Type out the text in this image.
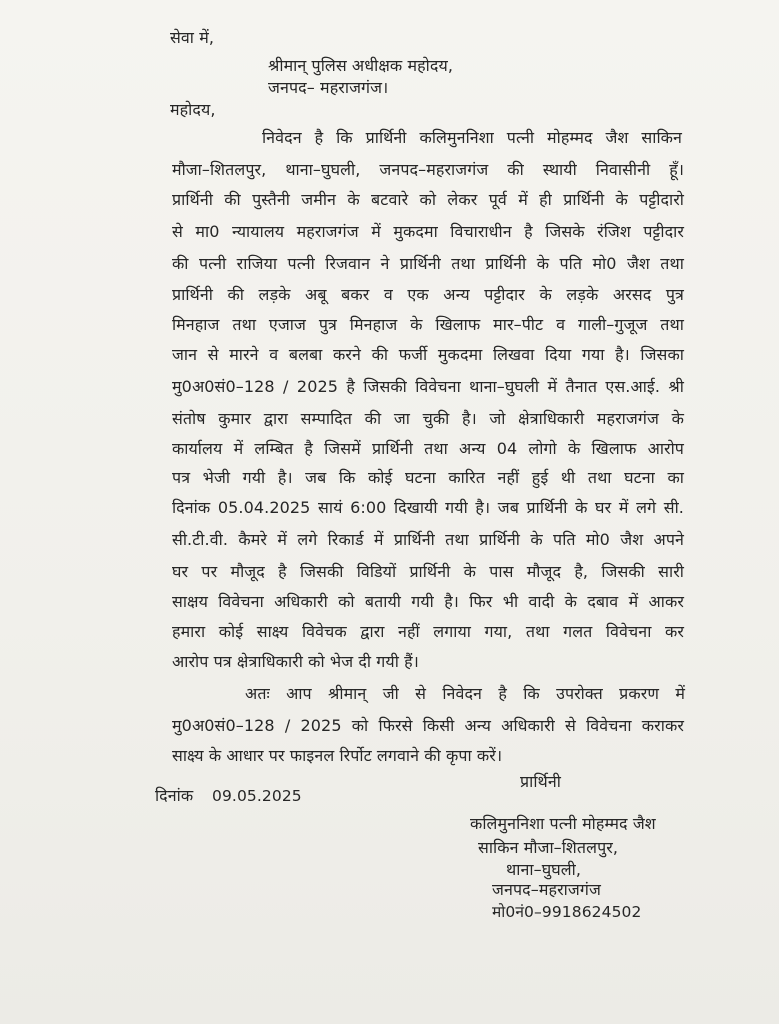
सेवा में,
श्रीमान् पुलिस अधीक्षक महोदय,
जनपद– महराजगंज।
महोदय,
निवेदन है कि प्रार्थिनी कलिमुननिशा पत्नी मोहम्मद जैश साकिन
मौजा–शितलपुर, थाना–घुघली, जनपद–महराजगंज की स्थायी निवासीनी हूँ।
प्रार्थिनी की पुस्तैनी जमीन के बटवारे को लेकर पूर्व में ही प्रार्थिनी के पट्टीदारो
से मा0 न्यायालय महराजगंज में मुकदमा विचाराधीन है जिसके रंजिश पट्टीदार
की पत्नी राजिया पत्नी रिजवान ने प्रार्थिनी तथा प्रार्थिनी के पति मो0 जैश तथा
प्रार्थिनी की लड़के अबू बकर व एक अन्य पट्टीदार के लड़के अरसद पुत्र
मिनहाज तथा एजाज पुत्र मिनहाज के खिलाफ मार–पीट व गाली–गुजूज तथा
जान से मारने व बलबा करने की फर्जी मुकदमा लिखवा दिया गया है। जिसका
मु0अ0सं0–128 / 2025 है जिसकी विवेचना थाना–घुघली में तैनात एस.आई. श्री
संतोष कुमार द्वारा सम्पादित की जा चुकी है। जो क्षेत्राधिकारी महराजगंज के
कार्यालय में लम्बित है जिसमें प्रार्थिनी तथा अन्य 04 लोगो के खिलाफ आरोप
पत्र भेजी गयी है। जब कि कोई घटना कारित नहीं हुई थी तथा घटना का
दिनांक 05.04.2025 सायं 6:00 दिखायी गयी है। जब प्रार्थिनी के घर में लगे सी.
सी.टी.वी. कैमरे में लगे रिकार्ड में प्रार्थिनी तथा प्रार्थिनी के पति मो0 जैश अपने
घर पर मौजूद है जिसकी विडियों प्रार्थिनी के पास मौजूद है, जिसकी सारी
साक्षय विवेचना अधिकारी को बतायी गयी है। फिर भी वादी के दबाव में आकर
हमारा कोई साक्ष्य विवेचक द्वारा नहीं लगाया गया, तथा गलत विवेचना कर
आरोप पत्र क्षेत्राधिकारी को भेज दी गयी हैं।
अतः आप श्रीमान् जी से निवेदन है कि उपरोक्त प्रकरण में
मु0अ0सं0–128 / 2025 को फिरसे किसी अन्य अधिकारी से विवेचना कराकर
साक्ष्य के आधार पर फाइनल रिर्पोट लगवाने की कृपा करें।
प्रार्थिनी
दिनांक 09.05.2025
कलिमुननिशा पत्नी मोहम्मद जैश
साकिन मौजा–शितलपुर,
थाना–घुघली,
जनपद–महराजगंज
मो0नं0–9918624502
